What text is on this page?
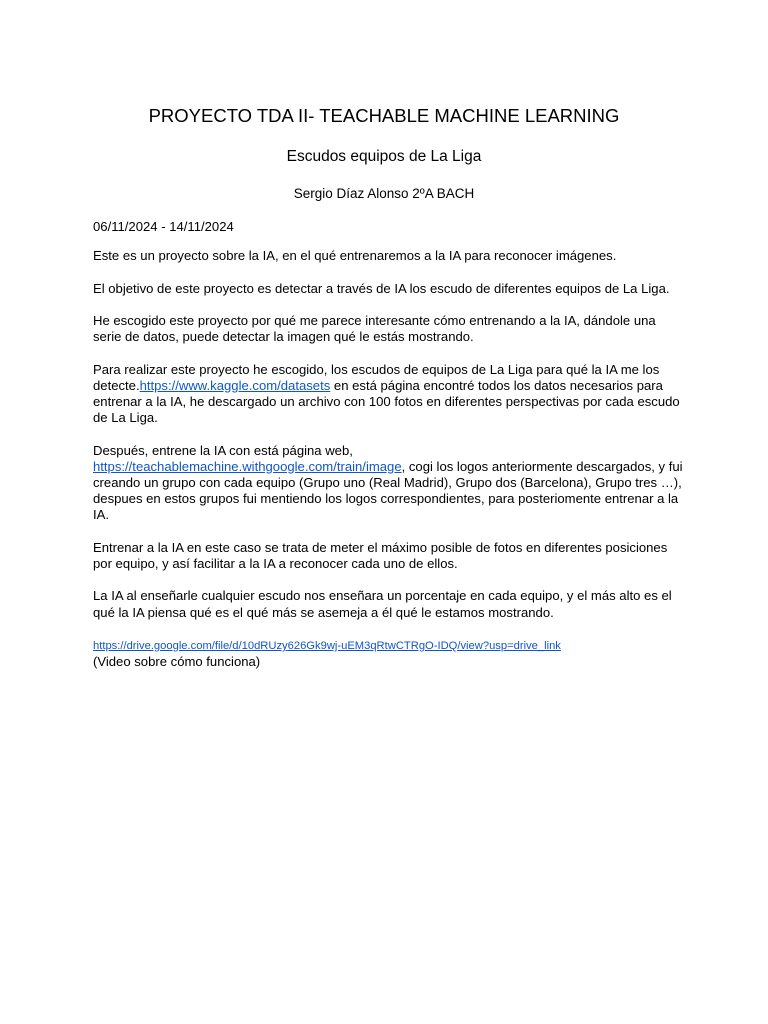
PROYECTO TDA II- TEACHABLE MACHINE LEARNING
Escudos equipos de La Liga
Sergio Díaz Alonso 2ºA BACH

06/11/2024 - 14/11/2024

Este es un proyecto sobre la IA, en el qué entrenaremos a la IA para reconocer imágenes.

El objetivo de este proyecto es detectar a través de IA los escudo de diferentes equipos de La Liga.

He escogido este proyecto por qué me parece interesante cómo entrenando a la IA, dándole una serie de datos, puede detectar la imagen qué le estás mostrando.

Para realizar este proyecto he escogido, los escudos de equipos de La Liga para qué la IA me los detecte.https://www.kaggle.com/datasets en está página encontré todos los datos necesarios para entrenar a la IA, he descargado un archivo con 100 fotos en diferentes perspectivas por cada escudo de La Liga.

Después, entrene la IA con está página web,
https://teachablemachine.withgoogle.com/train/image, cogi los logos anteriormente descargados, y fui creando un grupo con cada equipo (Grupo uno (Real Madrid), Grupo dos (Barcelona), Grupo tres …), despues en estos grupos fui mentiendo los logos correspondientes, para posteriomente entrenar a la IA.

Entrenar a la IA en este caso se trata de meter el máximo posible de fotos en diferentes posiciones por equipo, y así facilitar a la IA a reconocer cada uno de ellos.

La IA al enseñarle cualquier escudo nos enseñara un porcentaje en cada equipo, y el más alto es el qué la IA piensa qué es el qué más se asemeja a él qué le estamos mostrando.

https://drive.google.com/file/d/10dRUzy626Gk9wj-uEM3qRtwCTRgO-IDQ/view?usp=drive_link

(Video sobre cómo funciona)
